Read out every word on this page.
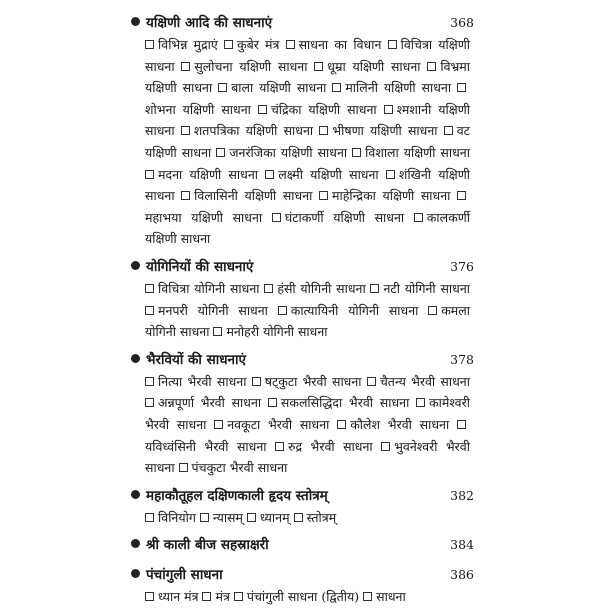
यक्षिणी आदि की साधनाएं	368
विभिन्न मुद्राएं कुबेर मंत्र साधना का विधान विचित्रा यक्षिणी साधना सुलोचना यक्षिणी साधना धूम्रा यक्षिणी साधना विभ्रमा यक्षिणी साधना बाला यक्षिणी साधना मालिनी यक्षिणी साधना शोभना यक्षिणी साधना चंद्रिका यक्षिणी साधना श्मशानी यक्षिणी साधना शतपत्रिका यक्षिणी साधना भीषणा यक्षिणी साधना वट यक्षिणी साधना जनरंजिका यक्षिणी साधना विशाला यक्षिणी साधना मदना यक्षिणी साधना लक्ष्मी यक्षिणी साधना शंखिनी यक्षिणी साधना विलासिनी यक्षिणी साधना माहेन्द्रिका यक्षिणी साधना महाभया यक्षिणी साधना घंटाकर्णी यक्षिणी साधना कालकर्णी यक्षिणी साधना
योगिनियों की साधनाएं	376
विचित्रा योगिनी साधना हंसी योगिनी साधना नटी योगिनी साधना मनपरी योगिनी साधना कात्यायिनी योगिनी साधना कमला योगिनी साधना मनोहरी योगिनी साधना
भैरवियों की साधनाएं	378
नित्या भैरवी साधना षट्कुटा भैरवी साधना चैतन्य भैरवी साधना अन्नपूर्णा भैरवी साधना सकलसिद्धिदा भैरवी साधना कामेश्वरी भैरवी साधना नवकूटा भैरवी साधना कौलेश भैरवी साधना यविध्वंसिनी भैरवी साधना रुद्र भैरवी साधना भुवनेश्वरी भैरवी साधना पंचकुटा भैरवी साधना
महाकौतूहल दक्षिणकाली हृदय स्तोत्रम्	382
विनियोग न्यासम् ध्यानम् स्तोत्रम्
श्री काली बीज सहस्राक्षरी	384
पंचांगुली साधना	386
ध्यान मंत्र मंत्र पंचांगुली साधना (द्वितीय) साधना
